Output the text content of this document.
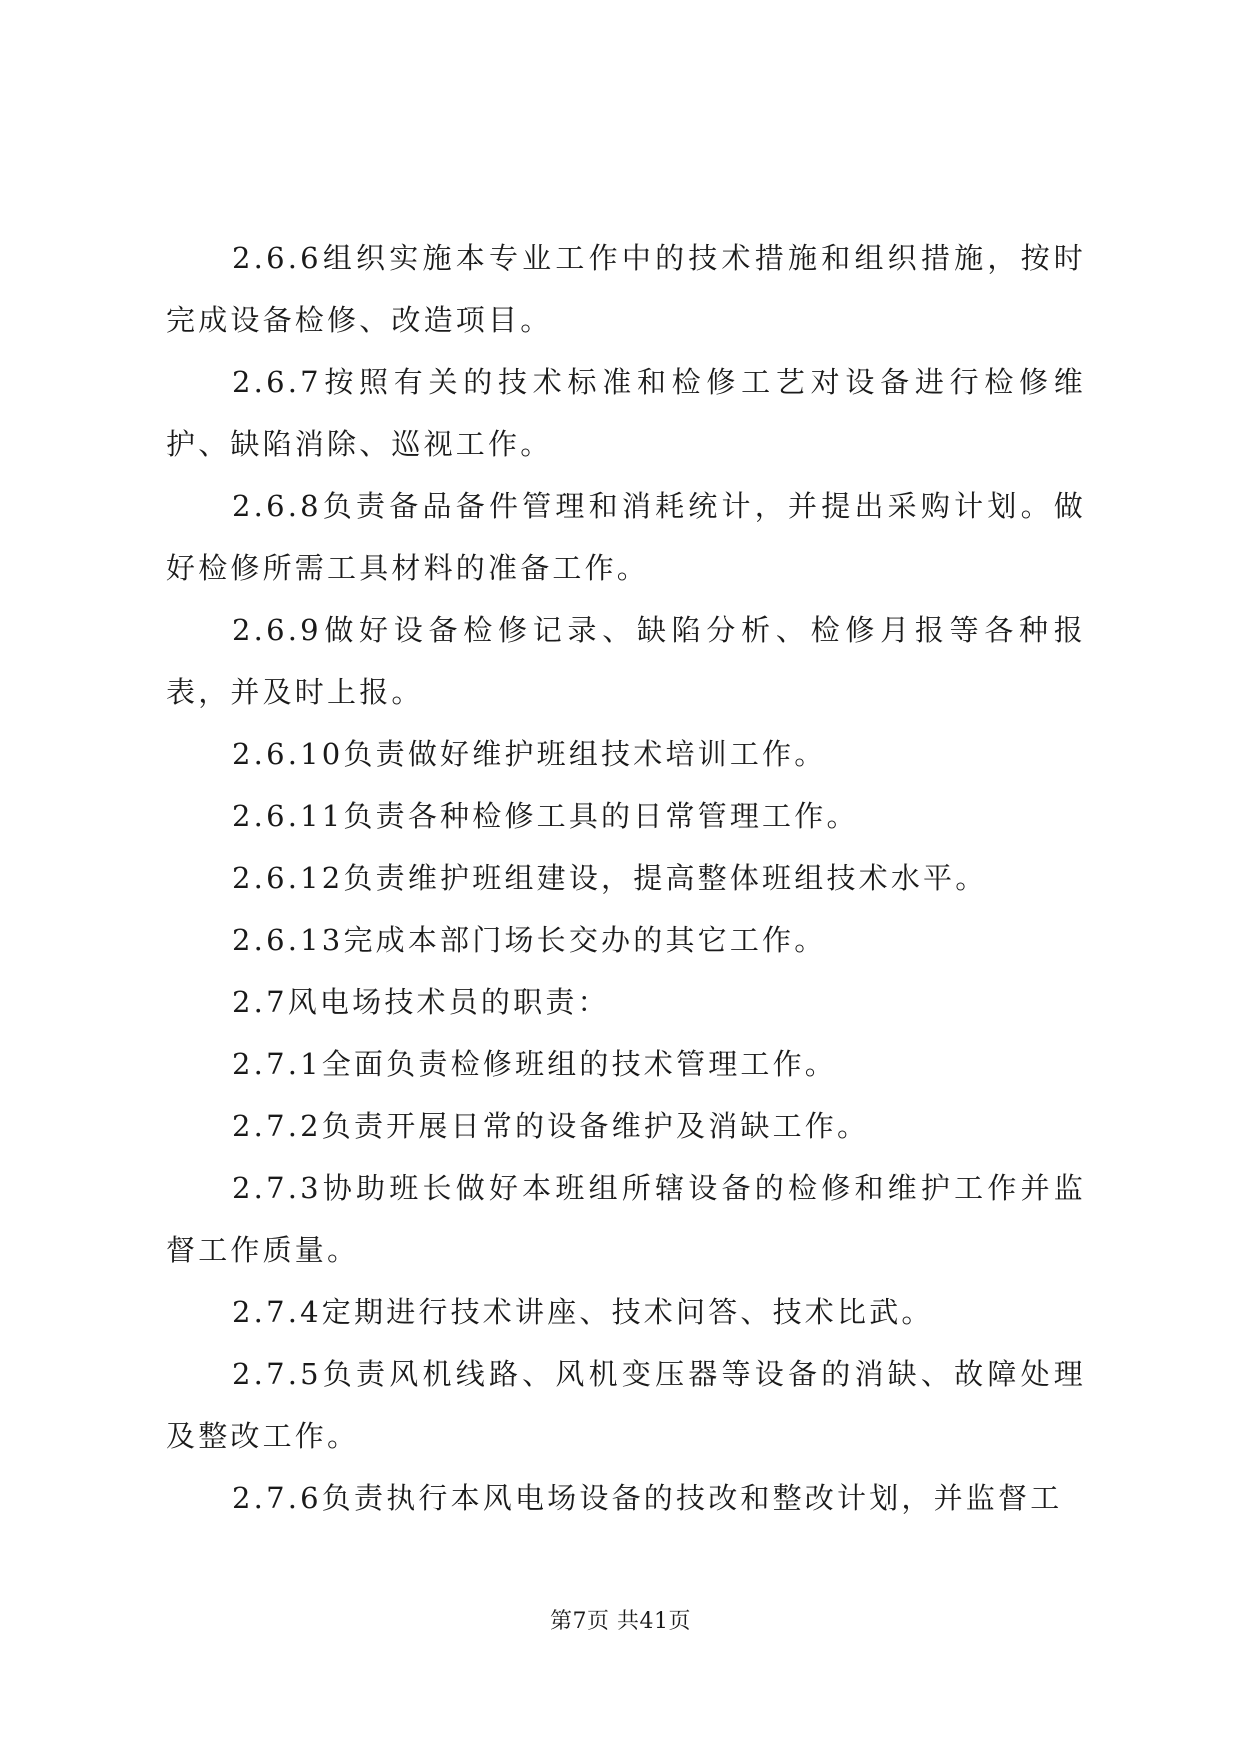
2.6.6组织实施本专业工作中的技术措施和组织措施，按时完成设备检修、改造项目。

2.6.7按照有关的技术标准和检修工艺对设备进行检修维护、缺陷消除、巡视工作。

2.6.8负责备品备件管理和消耗统计，并提出采购计划。做好检修所需工具材料的准备工作。

2.6.9做好设备检修记录、缺陷分析、检修月报等各种报表，并及时上报。

2.6.10负责做好维护班组技术培训工作。

2.6.11负责各种检修工具的日常管理工作。

2.6.12负责维护班组建设，提高整体班组技术水平。

2.6.13完成本部门场长交办的其它工作。

2.7风电场技术员的职责：

2.7.1全面负责检修班组的技术管理工作。

2.7.2负责开展日常的设备维护及消缺工作。

2.7.3协助班长做好本班组所辖设备的检修和维护工作并监督工作质量。

2.7.4定期进行技术讲座、技术问答、技术比武。

2.7.5负责风机线路、风机变压器等设备的消缺、故障处理及整改工作。

2.7.6负责执行本风电场设备的技改和整改计划，并监督工

第7页 共41页
